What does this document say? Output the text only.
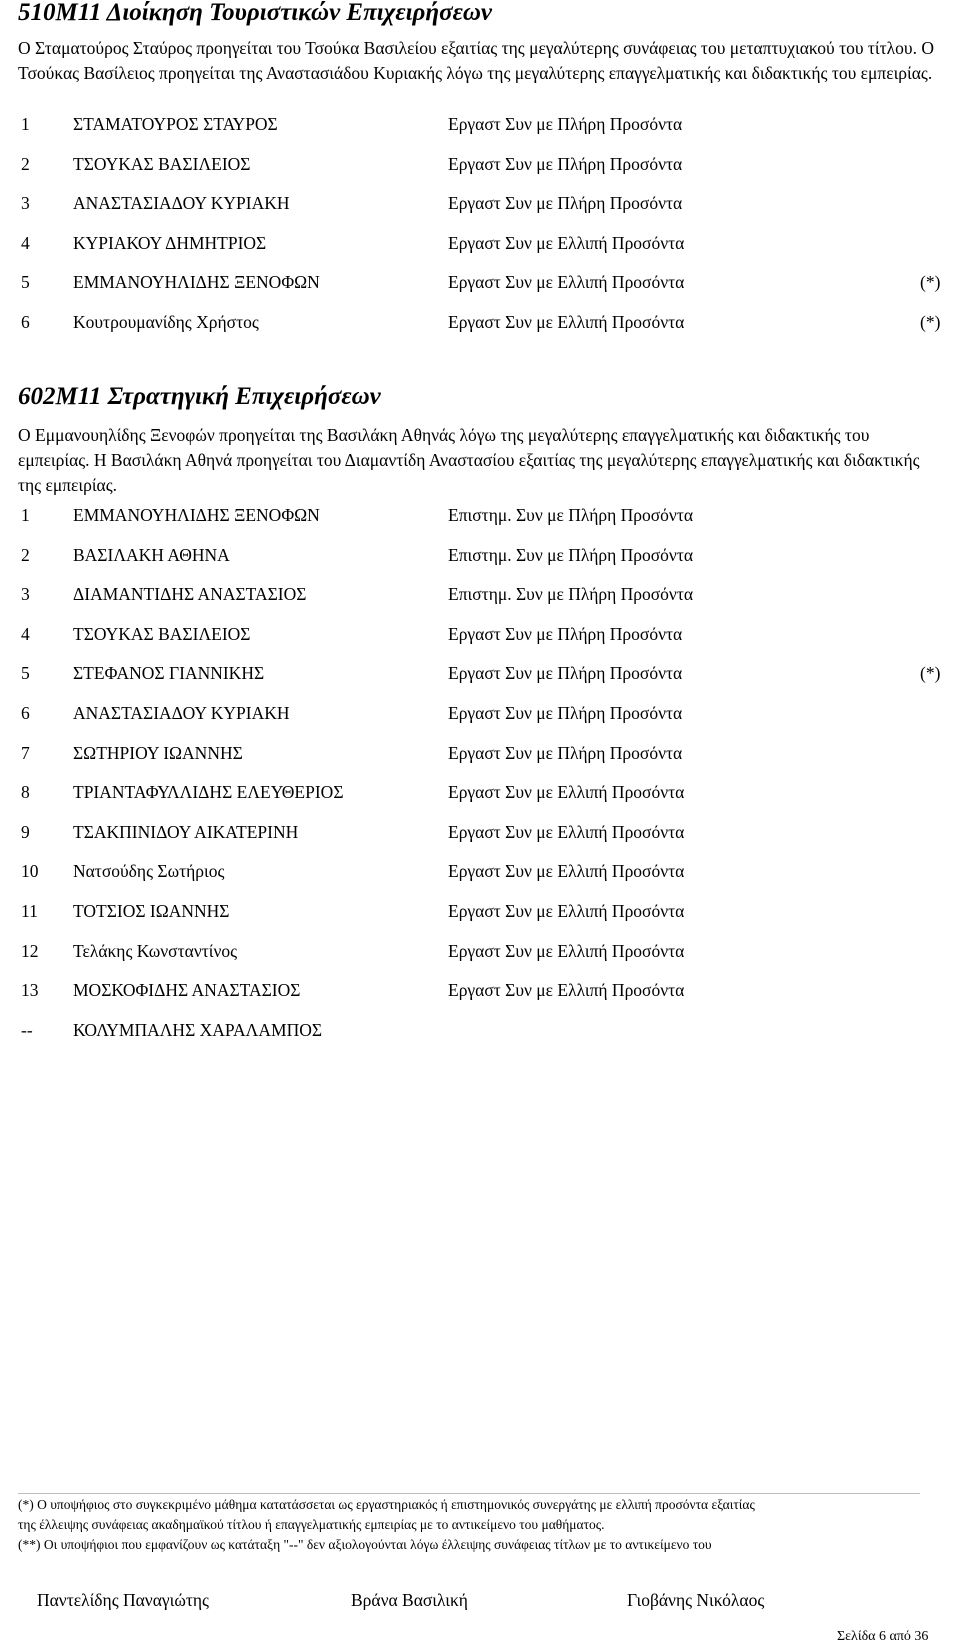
510Μ11 Διοίκηση Τουριστικών Επιχειρήσεων

Ο Σταματούρος Σταύρος προηγείται του Τσούκα Βασιλείου εξαιτίας της μεγαλύτερης συνάφειας του μεταπτυχιακού του τίτλου. Ο Τσούκας Βασίλειος προηγείται της Αναστασιάδου Κυριακής λόγω της μεγαλύτερης επαγγελματικής και διδακτικής του εμπειρίας.

1 ΣΤΑΜΑΤΟΥΡΟΣ ΣΤΑΥΡΟΣ	Εργαστ Συν με Πλήρη Προσόντα
2 ΤΣΟΥΚΑΣ ΒΑΣΙΛΕΙΟΣ	Εργαστ Συν με Πλήρη Προσόντα
3 ΑΝΑΣΤΑΣΙΑΔΟΥ ΚΥΡΙΑΚΗ	Εργαστ Συν με Πλήρη Προσόντα
4 ΚΥΡΙΑΚΟΥ ΔΗΜΗΤΡΙΟΣ	Εργαστ Συν με Ελλιπή Προσόντα
5 ΕΜΜΑΝΟΥΗΛΙΔΗΣ ΞΕΝΟΦΩΝ	Εργαστ Συν με Ελλιπή Προσόντα	(*)
6 Κουτρουμανίδης Χρήστος	Εργαστ Συν με Ελλιπή Προσόντα	(*)
602Μ11 Στρατηγική Επιχειρήσεων

Ο Εμμανουηλίδης Ξενοφών προηγείται της Βασιλάκη Αθηνάς λόγω της μεγαλύτερης επαγγελματικής και διδακτικής του εμπειρίας. Η Βασιλάκη Αθηνά προηγείται του Διαμαντίδη Αναστασίου εξαιτίας της μεγαλύτερης επαγγελματικής και διδακτικής της εμπειρίας.

1 ΕΜΜΑΝΟΥΗΛΙΔΗΣ ΞΕΝΟΦΩΝ	Επιστημ. Συν με Πλήρη Προσόντα
2 ΒΑΣΙΛΑΚΗ ΑΘΗΝΑ	Επιστημ. Συν με Πλήρη Προσόντα
3 ΔΙΑΜΑΝΤΙΔΗΣ ΑΝΑΣΤΑΣΙΟΣ	Επιστημ. Συν με Πλήρη Προσόντα
4 ΤΣΟΥΚΑΣ ΒΑΣΙΛΕΙΟΣ	Εργαστ Συν με Πλήρη Προσόντα
5 ΣΤΕΦΑΝΟΣ ΓΙΑΝΝΙΚΗΣ	Εργαστ Συν με Πλήρη Προσόντα	(*)
6 ΑΝΑΣΤΑΣΙΑΔΟΥ ΚΥΡΙΑΚΗ	Εργαστ Συν με Πλήρη Προσόντα
7 ΣΩΤΗΡΙΟΥ ΙΩΑΝΝΗΣ	Εργαστ Συν με Πλήρη Προσόντα
8 ΤΡΙΑΝΤΑΦΥΛΛΙΔΗΣ ΕΛΕΥΘΕΡΙΟΣ	Εργαστ Συν με Ελλιπή Προσόντα
9 ΤΣΑΚΠΙΝΙΔΟΥ ΑΙΚΑΤΕΡΙΝΗ	Εργαστ Συν με Ελλιπή Προσόντα
10 Νατσούδης Σωτήριος	Εργαστ Συν με Ελλιπή Προσόντα
11 ΤΟΤΣΙΟΣ ΙΩΑΝΝΗΣ	Εργαστ Συν με Ελλιπή Προσόντα
12 Τελάκης Κωνσταντίνος	Εργαστ Συν με Ελλιπή Προσόντα
13 ΜΟΣΚΟΦΙΔΗΣ ΑΝΑΣΤΑΣΙΟΣ	Εργαστ Συν με Ελλιπή Προσόντα
-- ΚΟΛΥΜΠΑΛΗΣ ΧΑΡΑΛΑΜΠΟΣ

(*) Ο υποψήφιος στο συγκεκριμένο μάθημα κατατάσσεται ως εργαστηριακός ή επιστημονικός συνεργάτης με ελλιπή προσόντα εξαιτίας

της έλλειψης συνάφειας ακαδημαϊκού τίτλου ή επαγγελματικής εμπειρίας με το αντικείμενο του μαθήματος.

(**) Οι υποψήφιοι που εμφανίζουν ως κατάταξη "--" δεν αξιολογούνται λόγω έλλειψης συνάφειας τίτλων με το αντικείμενο του

Παντελίδης Παναγιώτης	Βράνα Βασιλική	Γιοβάνης Νικόλαος
Σελίδα 6 από 36
